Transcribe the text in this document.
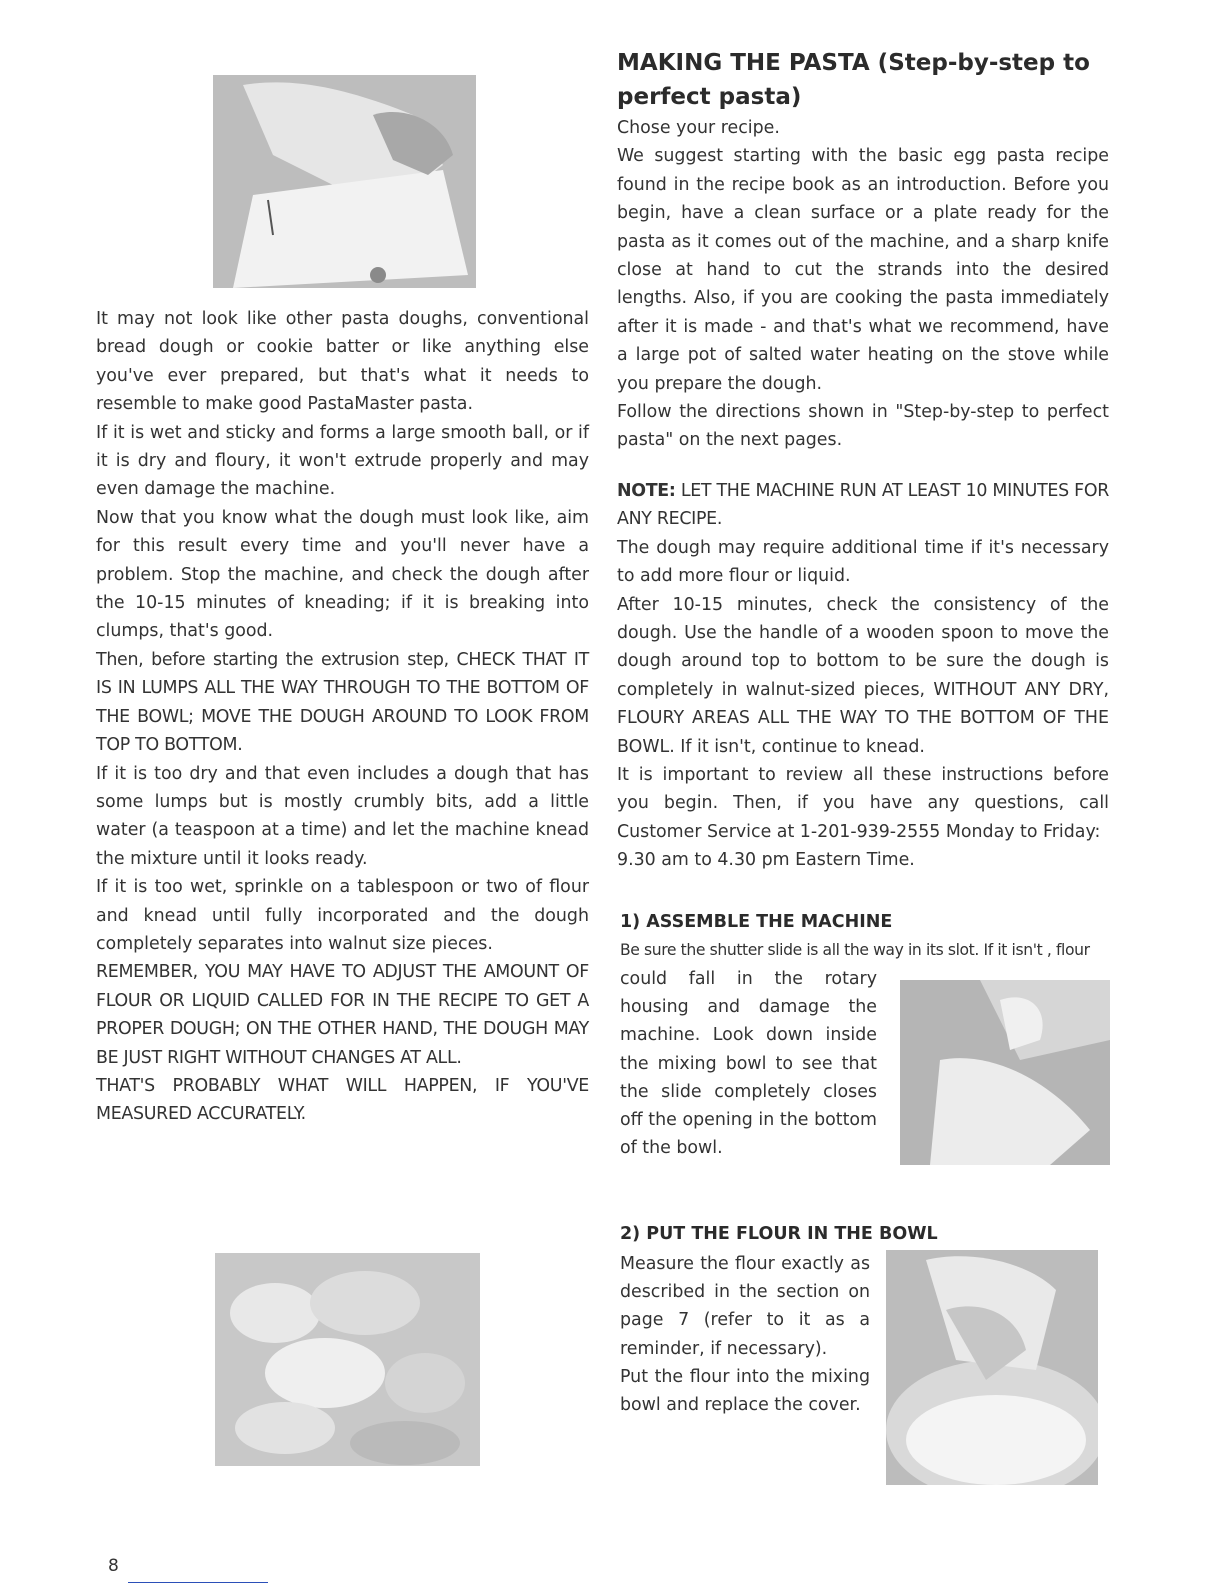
It may not look like other pasta doughs, conventional bread dough or cookie batter or like anything else you've ever prepared, but that's what it needs to resemble to make good PastaMaster pasta.

If it is wet and sticky and forms a large smooth ball, or if it is dry and floury, it won't extrude properly and may even damage the machine.

Now that you know what the dough must look like, aim for this result every time and you'll never have a problem. Stop the machine, and check the dough after the 10-15 minutes of kneading; if it is breaking into clumps, that's good.

Then, before starting the extrusion step, CHECK THAT IT IS IN LUMPS ALL THE WAY THROUGH TO THE BOTTOM OF THE BOWL; MOVE THE DOUGH AROUND TO LOOK FROM TOP TO BOTTOM.

If it is too dry and that even includes a dough that has some lumps but is mostly crumbly bits, add a little water (a teaspoon at a time) and let the machine knead the mixture until it looks ready.

If it is too wet, sprinkle on a tablespoon or two of flour and knead until fully incorporated and the dough completely separates into walnut size pieces.

REMEMBER, YOU MAY HAVE TO ADJUST THE AMOUNT OF FLOUR OR LIQUID CALLED FOR IN THE RECIPE TO GET A PROPER DOUGH; ON THE OTHER HAND, THE DOUGH MAY BE JUST RIGHT WITHOUT CHANGES AT ALL.

THAT'S PROBABLY WHAT WILL HAPPEN, IF YOU'VE MEASURED ACCURATELY.

MAKING THE PASTA (Step-by-step to perfect pasta)

Chose your recipe.

We suggest starting with the basic egg pasta recipe found in the recipe book as an introduction. Before you begin, have a clean surface or a plate ready for the pasta as it comes out of the machine, and a sharp knife close at hand to cut the strands into the desired lengths. Also, if you are cooking the pasta immediately after it is made - and that's what we recommend, have a large pot of salted water heating on the stove while you prepare the dough.

Follow the directions shown in "Step-by-step to perfect pasta" on the next pages.

NOTE: LET THE MACHINE RUN AT LEAST 10 MINUTES FOR ANY RECIPE.

The dough may require additional time if it's necessary to add more flour or liquid.

After 10-15 minutes, check the consistency of the dough. Use the handle of a wooden spoon to move the dough around top to bottom to be sure the dough is completely in walnut-sized pieces, WITHOUT ANY DRY, FLOURY AREAS ALL THE WAY TO THE BOTTOM OF THE BOWL. If it isn't, continue to knead.

It is important to review all these instructions before you begin. Then, if you have any questions, call Customer Service at 1-201-939-2555 Monday to Friday:

9.30 am to 4.30 pm Eastern Time.

1) ASSEMBLE THE MACHINE

Be sure the shutter slide is all the way in its slot. If it isn't , flour

could fall in the rotary housing and damage the machine. Look down inside the mixing bowl to see that the slide completely closes off the opening in the bottom of the bowl.

2) PUT THE FLOUR IN THE BOWL

Measure the flour exactly as described in the section on page 7 (refer to it as a reminder, if necessary).

Put the flour into the mixing bowl and replace the cover.

8
